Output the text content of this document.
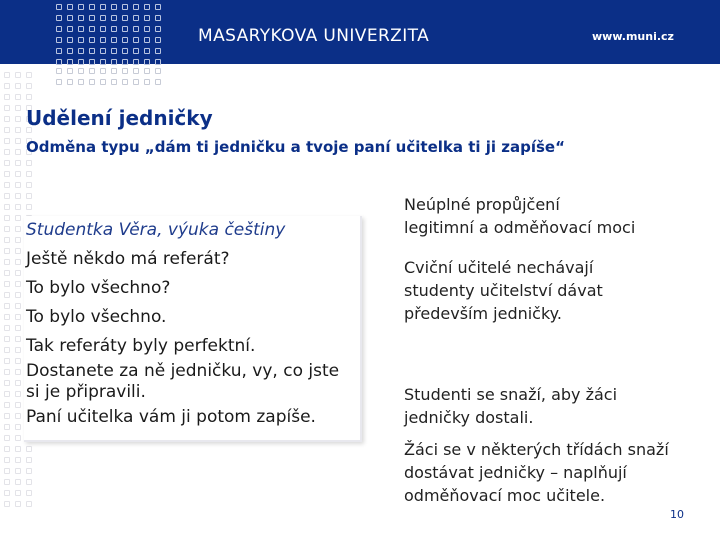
MASARYKOVA UNIVERZITA	www.muni.cz
Udělení jedničky
Odměna typu „dám ti jedničku a tvoje paní učitelka ti ji zapíše“

Studentka Věra, výuka češtiny

Ještě někdo má referát?

To bylo všechno?

To bylo všechno.

Tak referáty byly perfektní.

Dostanete za ně jedničku, vy, co jste

si je připravili.

Paní učitelka vám ji potom zapíše.

Neúplné propůjčení
legitimní a odměňovací moci
Cviční učitelé nechávají
studenty učitelství dávat
především jedničky.
Studenti se snaží, aby žáci
jedničky dostali.
Žáci se v některých třídách snaží
dostávat jedničky – naplňují
odměňovací moc učitele.
10
